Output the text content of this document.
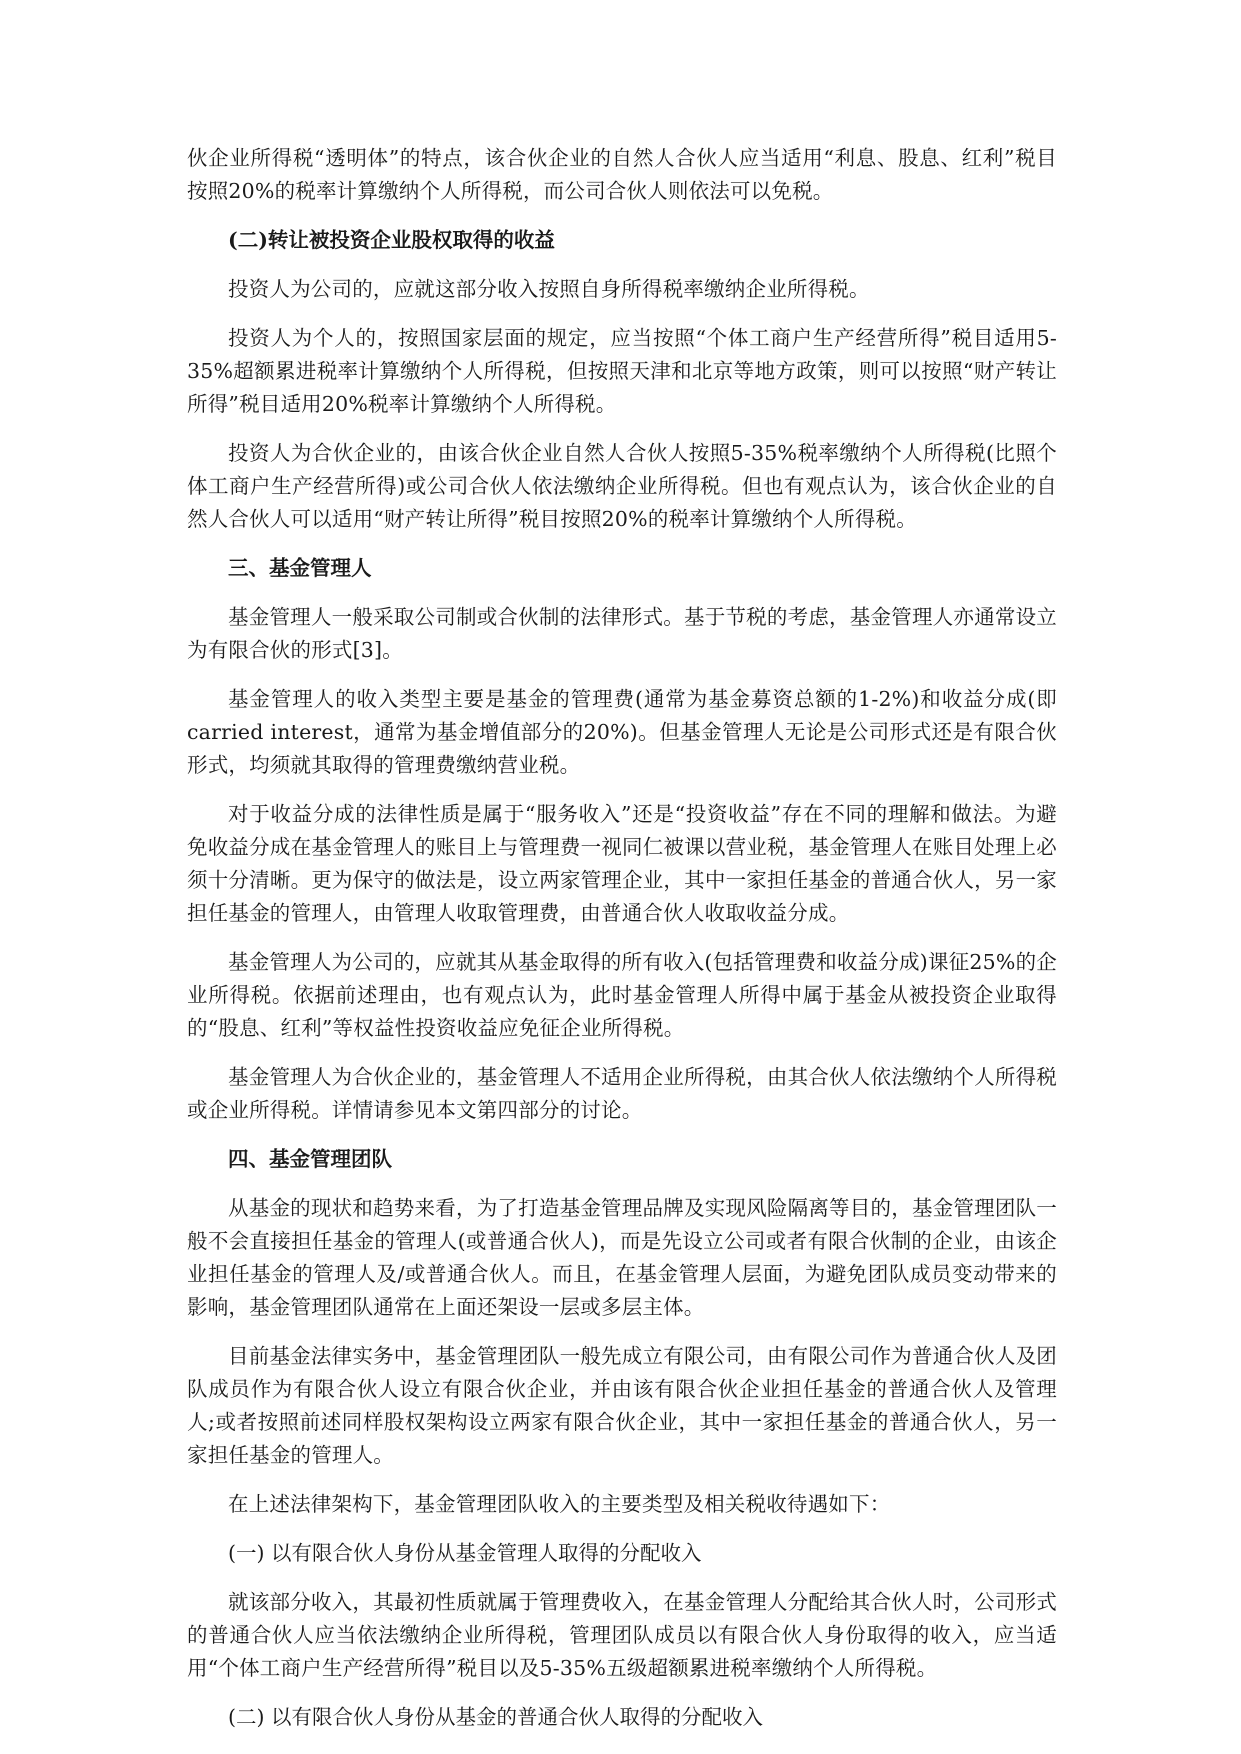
伙企业所得税“透明体”的特点，该合伙企业的自然人合伙人应当适用“利息、股息、红利”税目按照20%的税率计算缴纳个人所得税，而公司合伙人则依法可以免税。

(二)转让被投资企业股权取得的收益

投资人为公司的，应就这部分收入按照自身所得税率缴纳企业所得税。

投资人为个人的，按照国家层面的规定，应当按照“个体工商户生产经营所得”税目适用5-35%超额累进税率计算缴纳个人所得税，但按照天津和北京等地方政策，则可以按照“财产转让所得”税目适用20%税率计算缴纳个人所得税。

投资人为合伙企业的，由该合伙企业自然人合伙人按照5-35%税率缴纳个人所得税(比照个体工商户生产经营所得)或公司合伙人依法缴纳企业所得税。但也有观点认为，该合伙企业的自然人合伙人可以适用“财产转让所得”税目按照20%的税率计算缴纳个人所得税。

三、基金管理人

基金管理人一般采取公司制或合伙制的法律形式。基于节税的考虑，基金管理人亦通常设立为有限合伙的形式[3]。

基金管理人的收入类型主要是基金的管理费(通常为基金募资总额的1-2%)和收益分成(即carried interest，通常为基金增值部分的20%)。但基金管理人无论是公司形式还是有限合伙形式，均须就其取得的管理费缴纳营业税。

对于收益分成的法律性质是属于“服务收入”还是“投资收益”存在不同的理解和做法。为避免收益分成在基金管理人的账目上与管理费一视同仁被课以营业税，基金管理人在账目处理上必须十分清晰。更为保守的做法是，设立两家管理企业，其中一家担任基金的普通合伙人，另一家担任基金的管理人，由管理人收取管理费，由普通合伙人收取收益分成。

基金管理人为公司的，应就其从基金取得的所有收入(包括管理费和收益分成)课征25%的企业所得税。依据前述理由，也有观点认为，此时基金管理人所得中属于基金从被投资企业取得的“股息、红利”等权益性投资收益应免征企业所得税。

基金管理人为合伙企业的，基金管理人不适用企业所得税，由其合伙人依法缴纳个人所得税或企业所得税。详情请参见本文第四部分的讨论。

四、基金管理团队

从基金的现状和趋势来看，为了打造基金管理品牌及实现风险隔离等目的，基金管理团队一般不会直接担任基金的管理人(或普通合伙人)，而是先设立公司或者有限合伙制的企业，由该企业担任基金的管理人及/或普通合伙人。而且，在基金管理人层面，为避免团队成员变动带来的影响，基金管理团队通常在上面还架设一层或多层主体。

目前基金法律实务中，基金管理团队一般先成立有限公司，由有限公司作为普通合伙人及团队成员作为有限合伙人设立有限合伙企业，并由该有限合伙企业担任基金的普通合伙人及管理人;或者按照前述同样股权架构设立两家有限合伙企业，其中一家担任基金的普通合伙人，另一家担任基金的管理人。

在上述法律架构下，基金管理团队收入的主要类型及相关税收待遇如下：

(一) 以有限合伙人身份从基金管理人取得的分配收入

就该部分收入，其最初性质就属于管理费收入，在基金管理人分配给其合伙人时，公司形式的普通合伙人应当依法缴纳企业所得税，管理团队成员以有限合伙人身份取得的收入，应当适用“个体工商户生产经营所得”税目以及5-35%五级超额累进税率缴纳个人所得税。

(二) 以有限合伙人身份从基金的普通合伙人取得的分配收入
